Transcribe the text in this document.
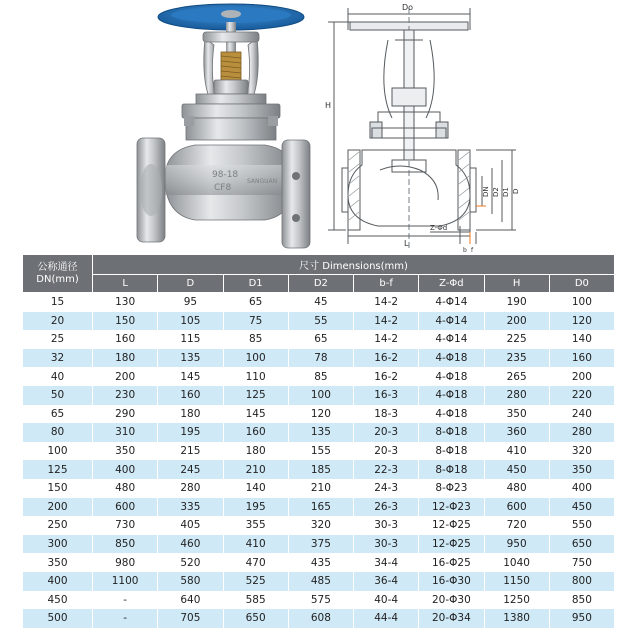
98-18
CF8
SANGUAN
Do
H
L
Z-Φd
b f
DN D2 D1 D
公称通径
DN(mm)	尺寸 Dimensions(mm)							
	L	D	D1	D2	b-f	Z-Φd	H	D0
15	130	95	65	45	14-2	4-Φ14	190	100
20	150	105	75	55	14-2	4-Φ14	200	120
25	160	115	85	65	14-2	4-Φ14	225	140
32	180	135	100	78	16-2	4-Φ18	235	160
40	200	145	110	85	16-2	4-Φ18	265	200
50	230	160	125	100	16-3	4-Φ18	280	220
65	290	180	145	120	18-3	4-Φ18	350	240
80	310	195	160	135	20-3	8-Φ18	360	280
100	350	215	180	155	20-3	8-Φ18	410	320
125	400	245	210	185	22-3	8-Φ18	450	350
150	480	280	140	210	24-3	8-Φ23	480	400
200	600	335	195	165	26-3	12-Φ23	600	450
250	730	405	355	320	30-3	12-Φ25	720	550
300	850	460	410	375	30-3	12-Φ25	950	650
350	980	520	470	435	34-4	16-Φ25	1040	750
400	1100	580	525	485	36-4	16-Φ30	1150	800
450	-	640	585	575	40-4	20-Φ30	1250	850
500	-	705	650	608	44-4	20-Φ34	1380	950
